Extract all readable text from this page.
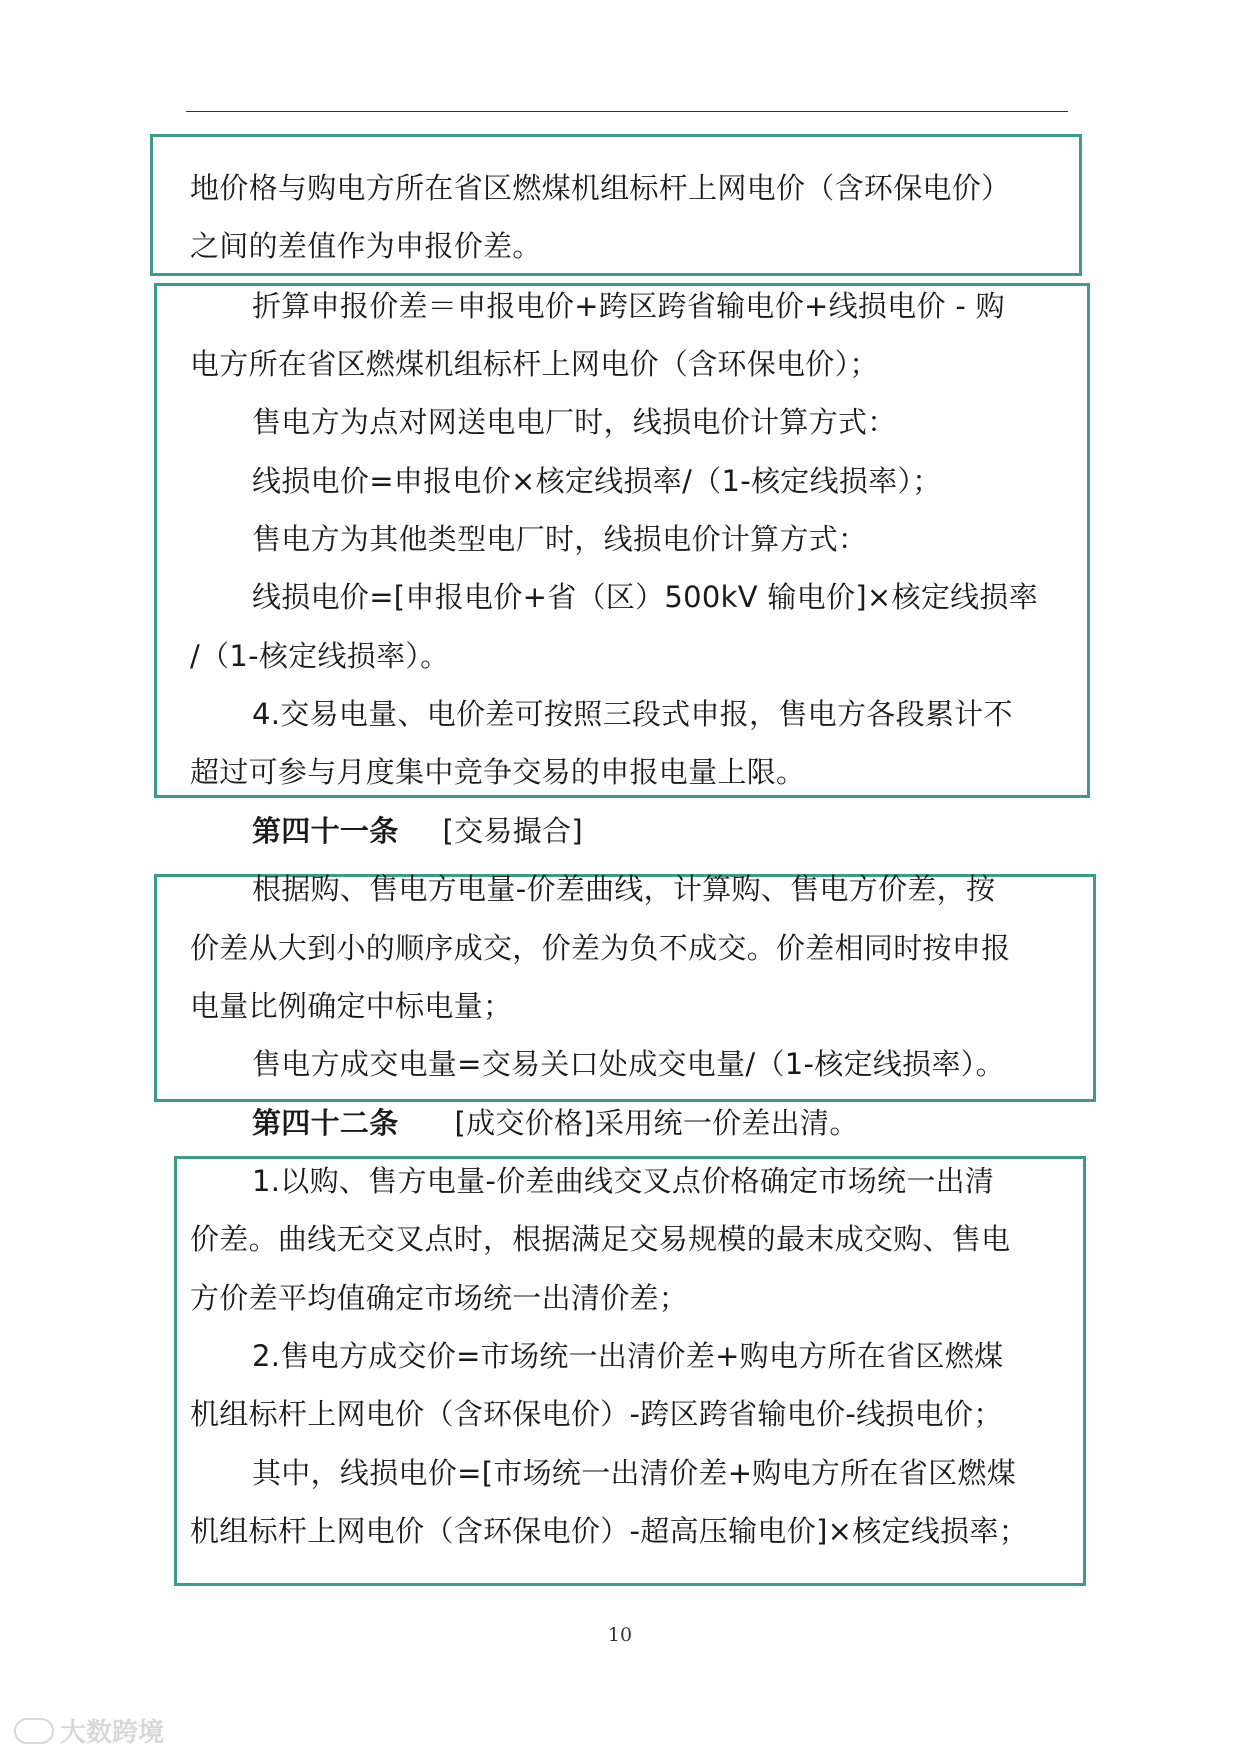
地价格与购电方所在省区燃煤机组标杆上网电价（含环保电价）
之间的差值作为申报价差。
折算申报价差＝申报电价+跨区跨省输电价+线损电价 - 购
电方所在省区燃煤机组标杆上网电价（含环保电价）；
售电方为点对网送电电厂时，线损电价计算方式：
线损电价=申报电价×核定线损率/（1-核定线损率）；
售电方为其他类型电厂时，线损电价计算方式：
线损电价=[申报电价+省（区）500kV 输电价]×核定线损率
/（1-核定线损率）。
4.交易电量、电价差可按照三段式申报，售电方各段累计不
超过可参与月度集中竞争交易的申报电量上限。
第四十一条 [交易撮合]
根据购、售电方电量-价差曲线，计算购、售电方价差，按
价差从大到小的顺序成交，价差为负不成交。价差相同时按申报
电量比例确定中标电量；
售电方成交电量=交易关口处成交电量/（1-核定线损率）。
第四十二条 [成交价格]采用统一价差出清。
1.以购、售方电量-价差曲线交叉点价格确定市场统一出清
价差。曲线无交叉点时，根据满足交易规模的最末成交购、售电
方价差平均值确定市场统一出清价差；
2.售电方成交价=市场统一出清价差+购电方所在省区燃煤
机组标杆上网电价（含环保电价）-跨区跨省输电价-线损电价；
其中，线损电价=[市场统一出清价差+购电方所在省区燃煤
机组标杆上网电价（含环保电价）-超高压输电价]×核定线损率；
10
大数跨境
